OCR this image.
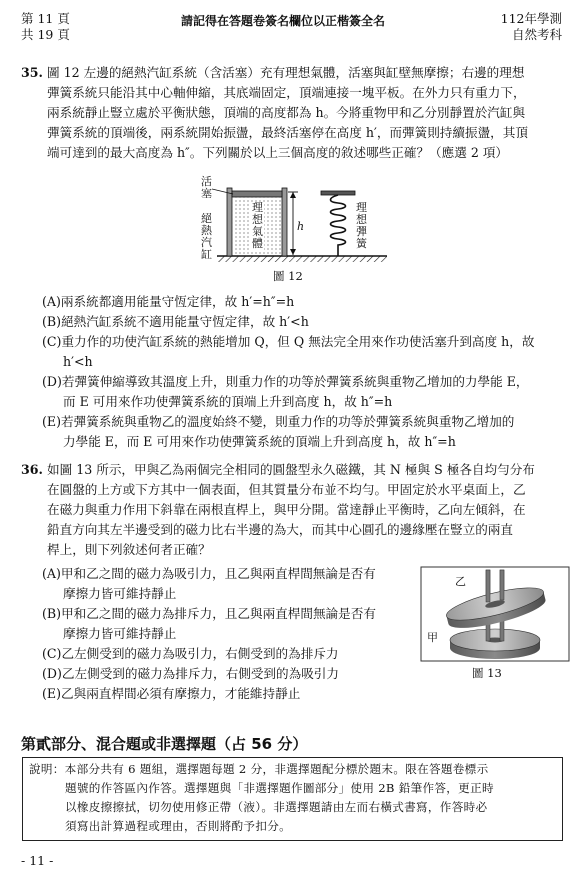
第 11 頁
共 19 頁
請記得在答題卷簽名欄位以正楷簽全名	112年學測
自然考科
35. 圖 12 左邊的絕熱汽缸系統（含活塞）充有理想氣體，活塞與缸壁無摩擦；右邊的理想
彈簧系統只能沿其中心軸伸縮，其底端固定，頂端連接一塊平板。在外力只有重力下，
兩系統靜止豎立處於平衡狀態，頂端的高度都為 h。今將重物甲和乙分別靜置於汽缸與
彈簧系統的頂端後，兩系統開始振盪，最終活塞停在高度 h′，而彈簧則持續振盪，其頂
端可達到的最大高度為 h″。下列關於以上三個高度的敘述哪些正確？（應選 2 項）
活
塞
絕
熱
汽
缸
理
想
氣
體
h
理
想
彈
簧
圖 12
(A)兩系統都適用能量守恆定律，故 h′=h″=h
(B)絕熱汽缸系統不適用能量守恆定律，故 h′<h
(C)重力作的功使汽缸系統的熱能增加 Q，但 Q 無法完全用來作功使活塞升到高度 h，故
h′<h
(D)若彈簧伸縮導致其溫度上升，則重力作的功等於彈簧系統與重物乙增加的力學能 E，
而 E 可用來作功使彈簧系統的頂端上升到高度 h，故 h″=h
(E)若彈簧系統與重物乙的溫度始終不變，則重力作的功等於彈簧系統與重物乙增加的
力學能 E，而 E 可用來作功使彈簧系統的頂端上升到高度 h，故 h″=h
36. 如圖 13 所示，甲與乙為兩個完全相同的圓盤型永久磁鐵，其 N 極與 S 極各自均勻分布
在圓盤的上方或下方其中一個表面，但其質量分布並不均勻。甲固定於水平桌面上，乙
在磁力與重力作用下斜靠在兩根直桿上，與甲分開。當達靜止平衡時，乙向左傾斜，在
鉛直方向其左半邊受到的磁力比右半邊的為大，而其中心圓孔的邊緣壓在豎立的兩直
桿上，則下列敘述何者正確？
(A)甲和乙之間的磁力為吸引力，且乙與兩直桿間無論是否有
摩擦力皆可維持靜止
(B)甲和乙之間的磁力為排斥力，且乙與兩直桿間無論是否有
摩擦力皆可維持靜止
(C)乙左側受到的磁力為吸引力，右側受到的為排斥力
(D)乙左側受到的磁力為排斥力，右側受到的為吸引力
(E)乙與兩直桿間必須有摩擦力，才能維持靜止
乙
甲
圖 13
第貳部分、混合題或非選擇題（占 56 分）
說明：本部分共有 6 題組，選擇題每題 2 分，非選擇題配分標於題末。限在答題卷標示
題號的作答區內作答。選擇題與「非選擇題作圖部分」使用 2B 鉛筆作答，更正時
以橡皮擦擦拭，切勿使用修正帶（液）。非選擇題請由左而右橫式書寫，作答時必
須寫出計算過程或理由，否則將酌予扣分。
- 11 -
